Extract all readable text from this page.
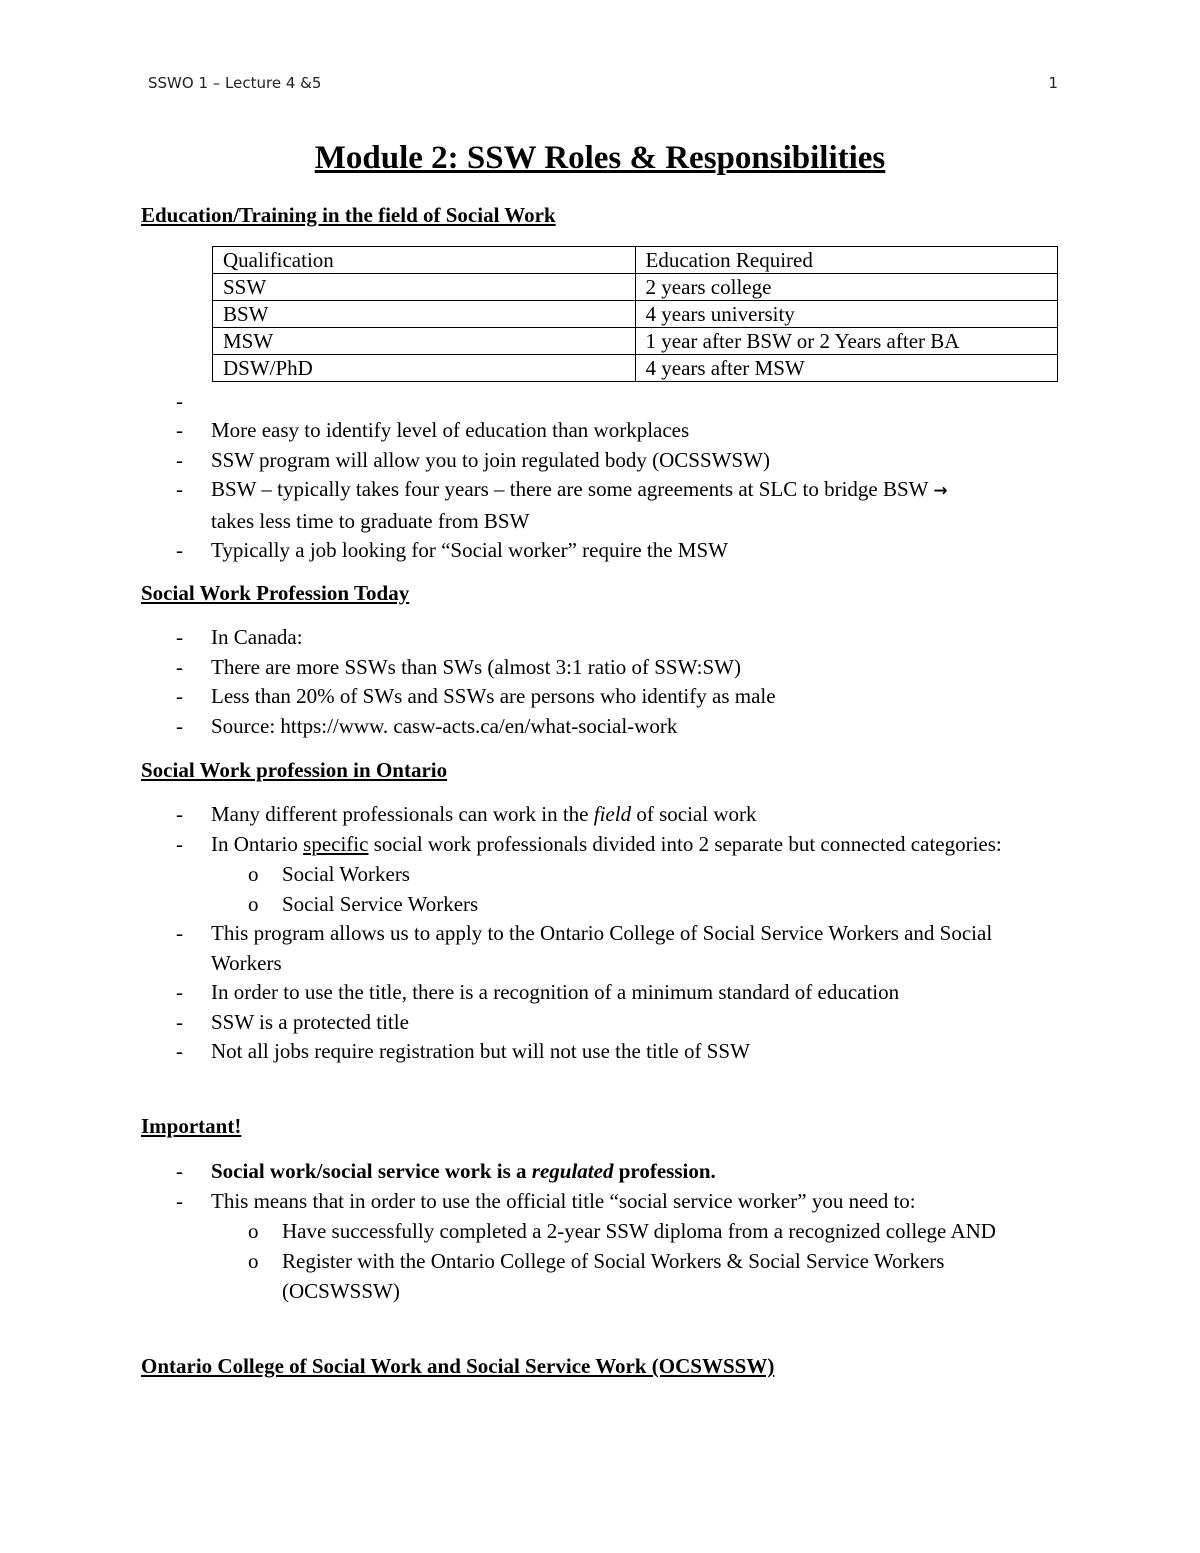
SSWO 1 – Lecture 4 &5	1
Module 2: SSW Roles & Responsibilities
Education/Training in the field of Social Work
Qualification	Education Required
SSW	2 years college
BSW	4 years university
MSW	1 year after BSW or 2 Years after BA
DSW/PhD	4 years after MSW
-
- More easy to identify level of education than workplaces
- SSW program will allow you to join regulated body (OCSSWSW)
- BSW – typically takes four years – there are some agreements at SLC to bridge BSW →
takes less time to graduate from BSW
- Typically a job looking for “Social worker” require the MSW
Social Work Profession Today
- In Canada:
- There are more SSWs than SWs (almost 3:1 ratio of SSW:SW)
- Less than 20% of SWs and SSWs are persons who identify as male
- Source: https://www. casw-acts.ca/en/what-social-work
Social Work profession in Ontario
- Many different professionals can work in the field of social work
- In Ontario specific social work professionals divided into 2 separate but connected categories:
o Social Workers
o Social Service Workers
- This program allows us to apply to the Ontario College of Social Service Workers and Social Workers
- In order to use the title, there is a recognition of a minimum standard of education
- SSW is a protected title
- Not all jobs require registration but will not use the title of SSW
Important!
- Social work/social service work is a regulated profession.
- This means that in order to use the official title “social service worker” you need to:
o Have successfully completed a 2-year SSW diploma from a recognized college AND
o Register with the Ontario College of Social Workers & Social Service Workers (OCSWSSW)
Ontario College of Social Work and Social Service Work (OCSWSSW)
